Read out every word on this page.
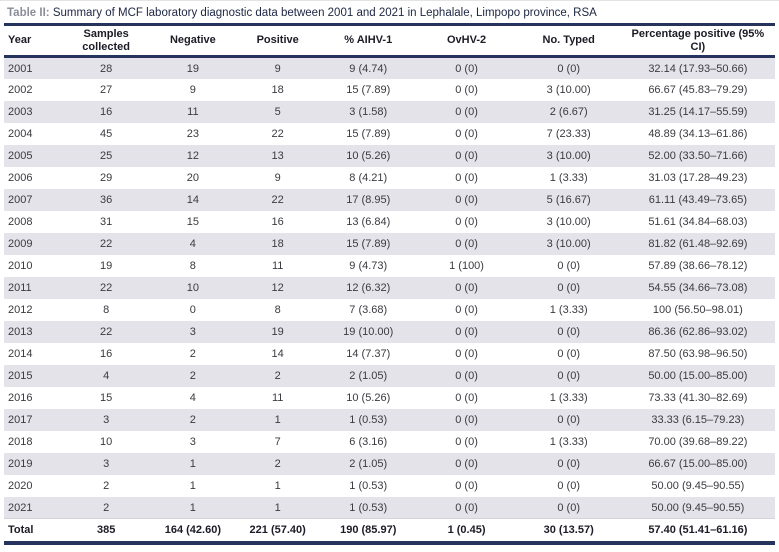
Table II: Summary of MCF laboratory diagnostic data between 2001 and 2021 in Lephalale, Limpopo province, RSA
Year	Samples collected	Negative	Positive	% AIHV-1	OvHV-2	No. Typed	Percentage positive (95% CI)
2001	28	19	9	9 (4.74)	0 (0)	0 (0)	32.14 (17.93–50.66)
2002	27	9	18	15 (7.89)	0 (0)	3 (10.00)	66.67 (45.83–79.29)
2003	16	11	5	3 (1.58)	0 (0)	2 (6.67)	31.25 (14.17–55.59)
2004	45	23	22	15 (7.89)	0 (0)	7 (23.33)	48.89 (34.13–61.86)
2005	25	12	13	10 (5.26)	0 (0)	3 (10.00)	52.00 (33.50–71.66)
2006	29	20	9	8 (4.21)	0 (0)	1 (3.33)	31.03 (17.28–49.23)
2007	36	14	22	17 (8.95)	0 (0)	5 (16.67)	61.11 (43.49–73.65)
2008	31	15	16	13 (6.84)	0 (0)	3 (10.00)	51.61 (34.84–68.03)
2009	22	4	18	15 (7.89)	0 (0)	3 (10.00)	81.82 (61.48–92.69)
2010	19	8	11	9 (4.73)	1 (100)	0 (0)	57.89 (38.66–78.12)
2011	22	10	12	12 (6.32)	0 (0)	0 (0)	54.55 (34.66–73.08)
2012	8	0	8	7 (3.68)	0 (0)	1 (3.33)	100 (56.50–98.01)
2013	22	3	19	19 (10.00)	0 (0)	0 (0)	86.36 (62.86–93.02)
2014	16	2	14	14 (7.37)	0 (0)	0 (0)	87.50 (63.98–96.50)
2015	4	2	2	2 (1.05)	0 (0)	0 (0)	50.00 (15.00–85.00)
2016	15	4	11	10 (5.26)	0 (0)	1 (3.33)	73.33 (41.30–82.69)
2017	3	2	1	1 (0.53)	0 (0)	0 (0)	33.33 (6.15–79.23)
2018	10	3	7	6 (3.16)	0 (0)	1 (3.33)	70.00 (39.68–89.22)
2019	3	1	2	2 (1.05)	0 (0)	0 (0)	66.67 (15.00–85.00)
2020	2	1	1	1 (0.53)	0 (0)	0 (0)	50.00 (9.45–90.55)
2021	2	1	1	1 (0.53)	0 (0)	0 (0)	50.00 (9.45–90.55)
Total	385	164 (42.60)	221 (57.40)	190 (85.97)	1 (0.45)	30 (13.57)	57.40 (51.41–61.16)
